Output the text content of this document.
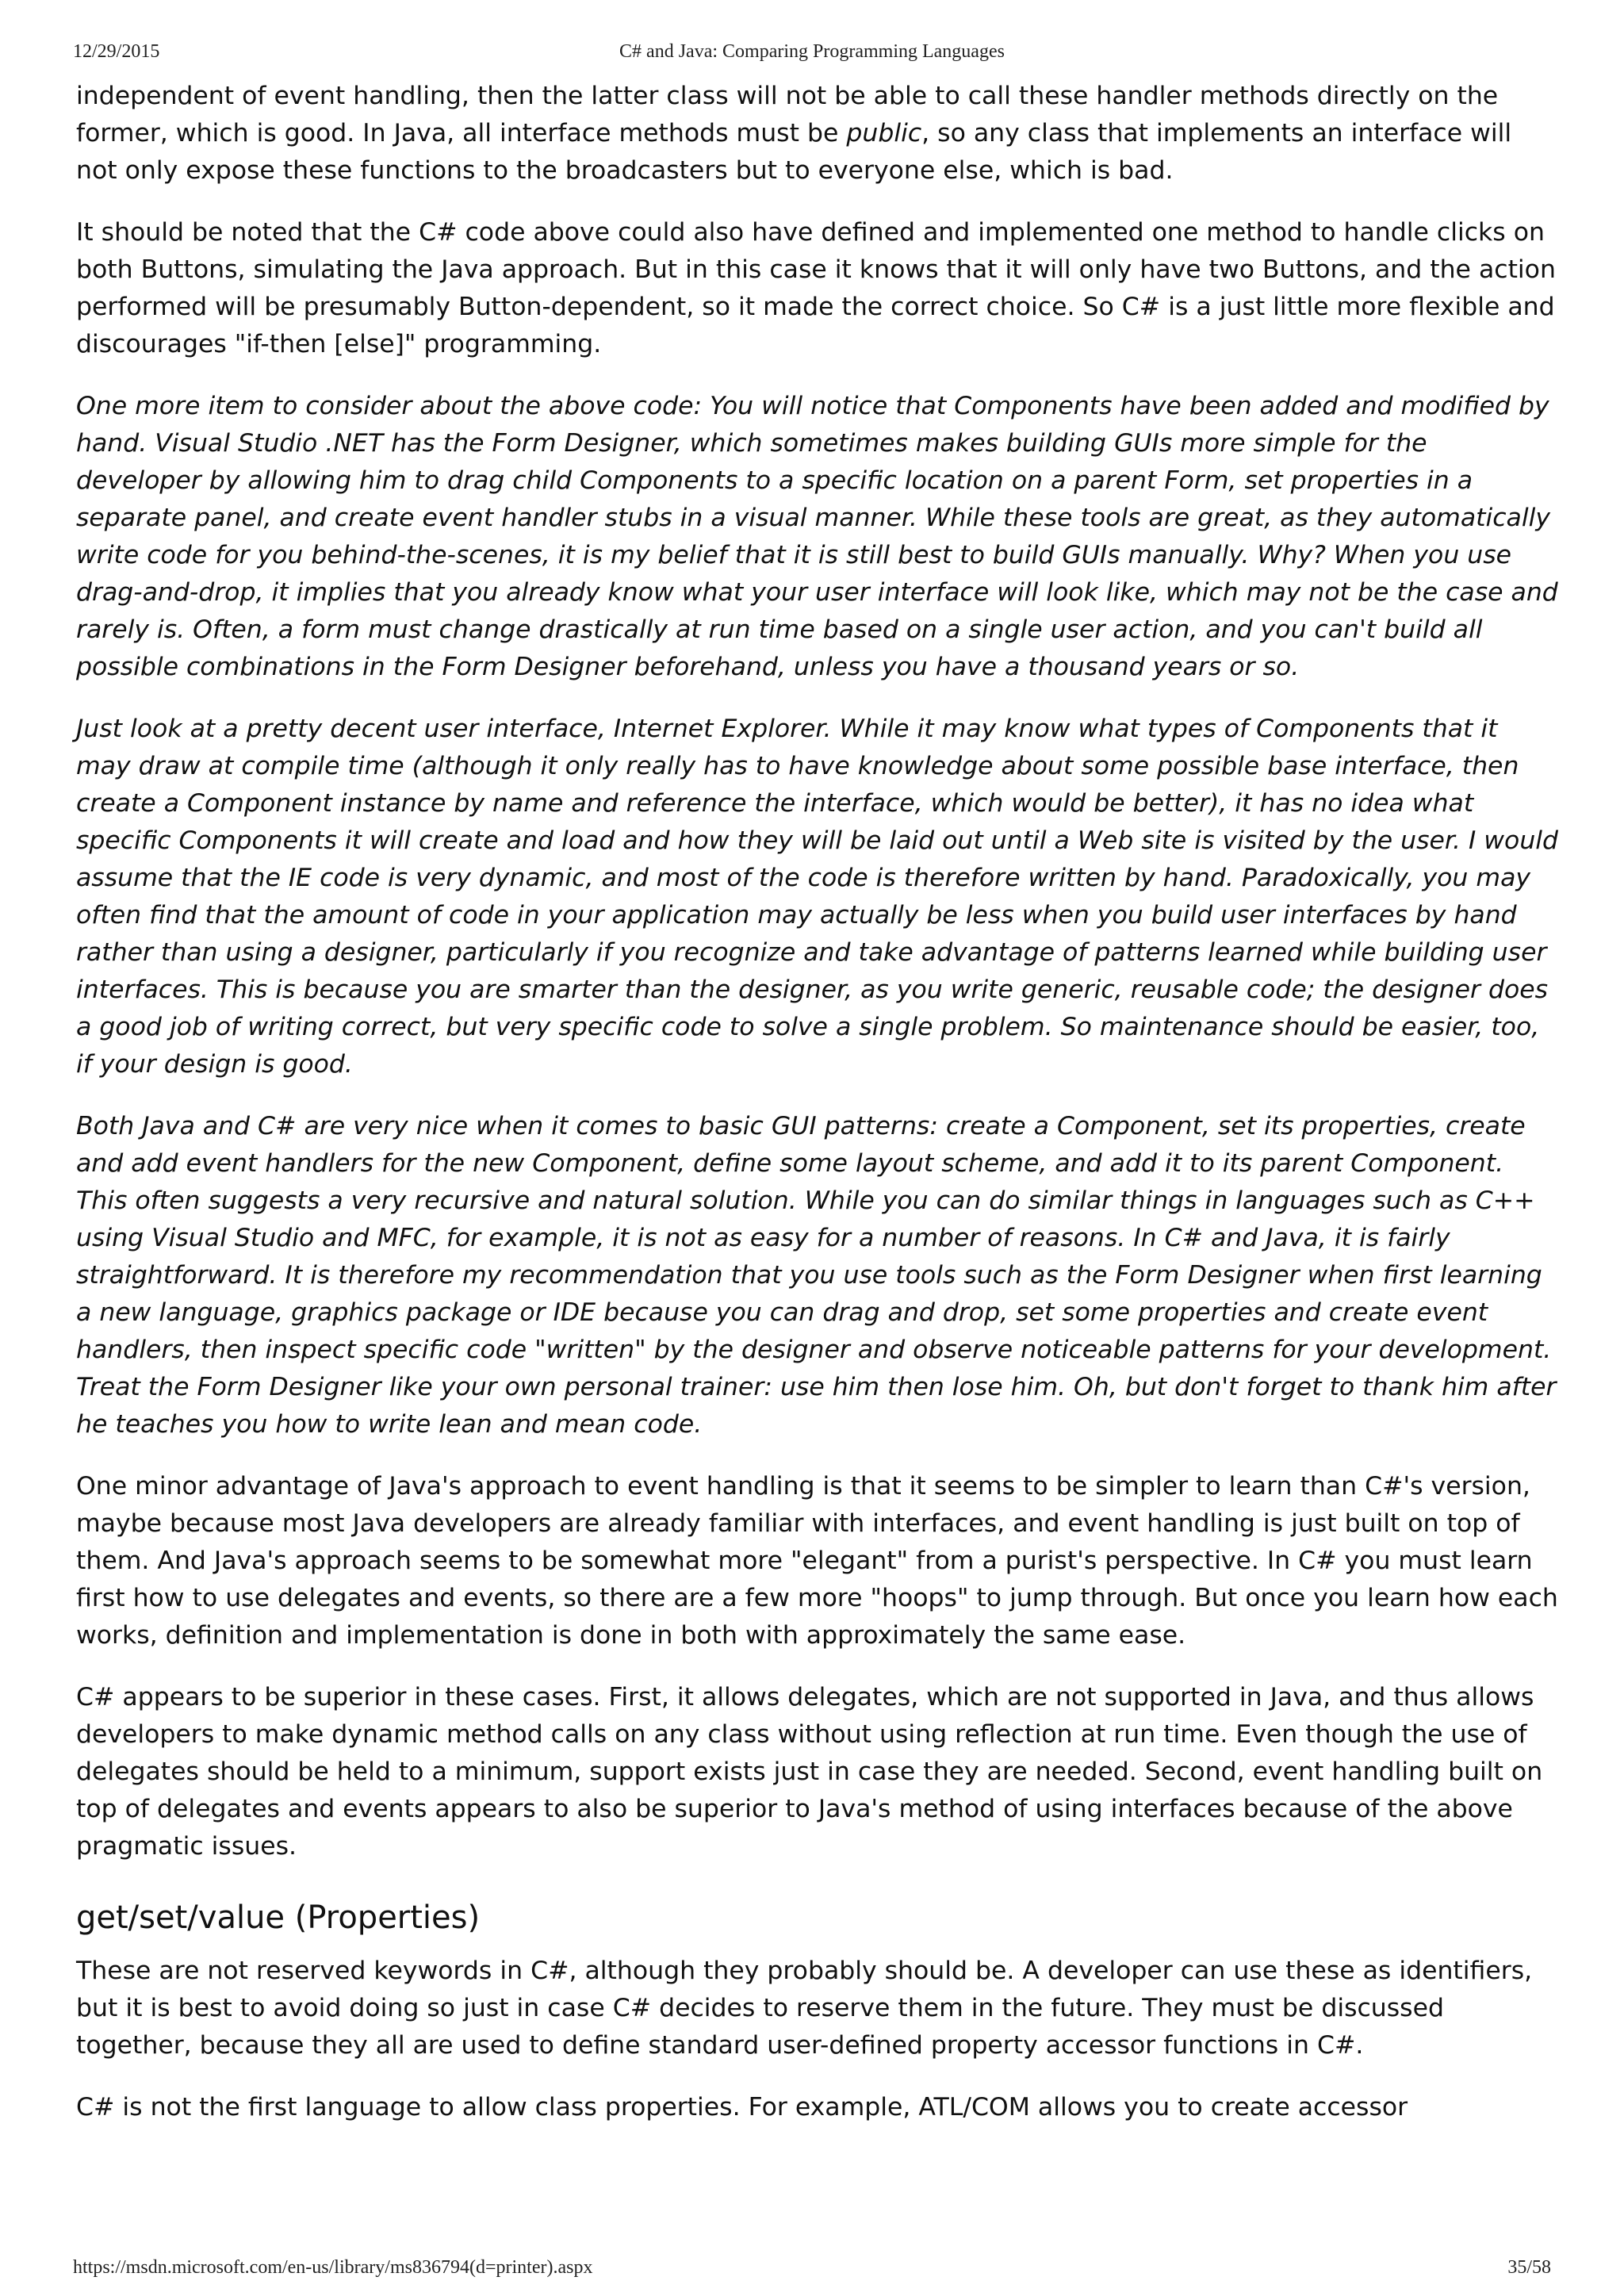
12/29/2015	C# and Java: Comparing Programming Languages

independent of event handling, then the latter class will not be able to call these handler methods directly on the former, which is good. In Java, all interface methods must be public, so any class that implements an interface will not only expose these functions to the broadcasters but to everyone else, which is bad.

It should be noted that the C# code above could also have defined and implemented one method to handle clicks on both Buttons, simulating the Java approach. But in this case it knows that it will only have two Buttons, and the action performed will be presumably Button-dependent, so it made the correct choice. So C# is a just little more flexible and discourages "if-then [else]" programming.

One more item to consider about the above code: You will notice that Components have been added and modified by hand. Visual Studio .NET has the Form Designer, which sometimes makes building GUIs more simple for the developer by allowing him to drag child Components to a specific location on a parent Form, set properties in a separate panel, and create event handler stubs in a visual manner. While these tools are great, as they automatically write code for you behind-the-scenes, it is my belief that it is still best to build GUIs manually. Why? When you use drag-and-drop, it implies that you already know what your user interface will look like, which may not be the case and rarely is. Often, a form must change drastically at run time based on a single user action, and you can't build all possible combinations in the Form Designer beforehand, unless you have a thousand years or so.

Just look at a pretty decent user interface, Internet Explorer. While it may know what types of Components that it may draw at compile time (although it only really has to have knowledge about some possible base interface, then create a Component instance by name and reference the interface, which would be better), it has no idea what specific Components it will create and load and how they will be laid out until a Web site is visited by the user. I would assume that the IE code is very dynamic, and most of the code is therefore written by hand. Paradoxically, you may often find that the amount of code in your application may actually be less when you build user interfaces by hand rather than using a designer, particularly if you recognize and take advantage of patterns learned while building user interfaces. This is because you are smarter than the designer, as you write generic, reusable code; the designer does a good job of writing correct, but very specific code to solve a single problem. So maintenance should be easier, too, if your design is good.

Both Java and C# are very nice when it comes to basic GUI patterns: create a Component, set its properties, create and add event handlers for the new Component, define some layout scheme, and add it to its parent Component. This often suggests a very recursive and natural solution. While you can do similar things in languages such as C++ using Visual Studio and MFC, for example, it is not as easy for a number of reasons. In C# and Java, it is fairly straightforward. It is therefore my recommendation that you use tools such as the Form Designer when first learning a new language, graphics package or IDE because you can drag and drop, set some properties and create event handlers, then inspect specific code "written" by the designer and observe noticeable patterns for your development. Treat the Form Designer like your own personal trainer: use him then lose him. Oh, but don't forget to thank him after he teaches you how to write lean and mean code.

One minor advantage of Java's approach to event handling is that it seems to be simpler to learn than C#'s version, maybe because most Java developers are already familiar with interfaces, and event handling is just built on top of them. And Java's approach seems to be somewhat more "elegant" from a purist's perspective. In C# you must learn first how to use delegates and events, so there are a few more "hoops" to jump through. But once you learn how each works, definition and implementation is done in both with approximately the same ease.

C# appears to be superior in these cases. First, it allows delegates, which are not supported in Java, and thus allows developers to make dynamic method calls on any class without using reflection at run time. Even though the use of delegates should be held to a minimum, support exists just in case they are needed. Second, event handling built on top of delegates and events appears to also be superior to Java's method of using interfaces because of the above pragmatic issues.

get/set/value (Properties)

These are not reserved keywords in C#, although they probably should be. A developer can use these as identifiers, but it is best to avoid doing so just in case C# decides to reserve them in the future. They must be discussed together, because they all are used to define standard user-defined property accessor functions in C#.

C# is not the first language to allow class properties. For example, ATL/COM allows you to create accessor

https://msdn.microsoft.com/en-us/library/ms836794(d=printer).aspx	35/58
